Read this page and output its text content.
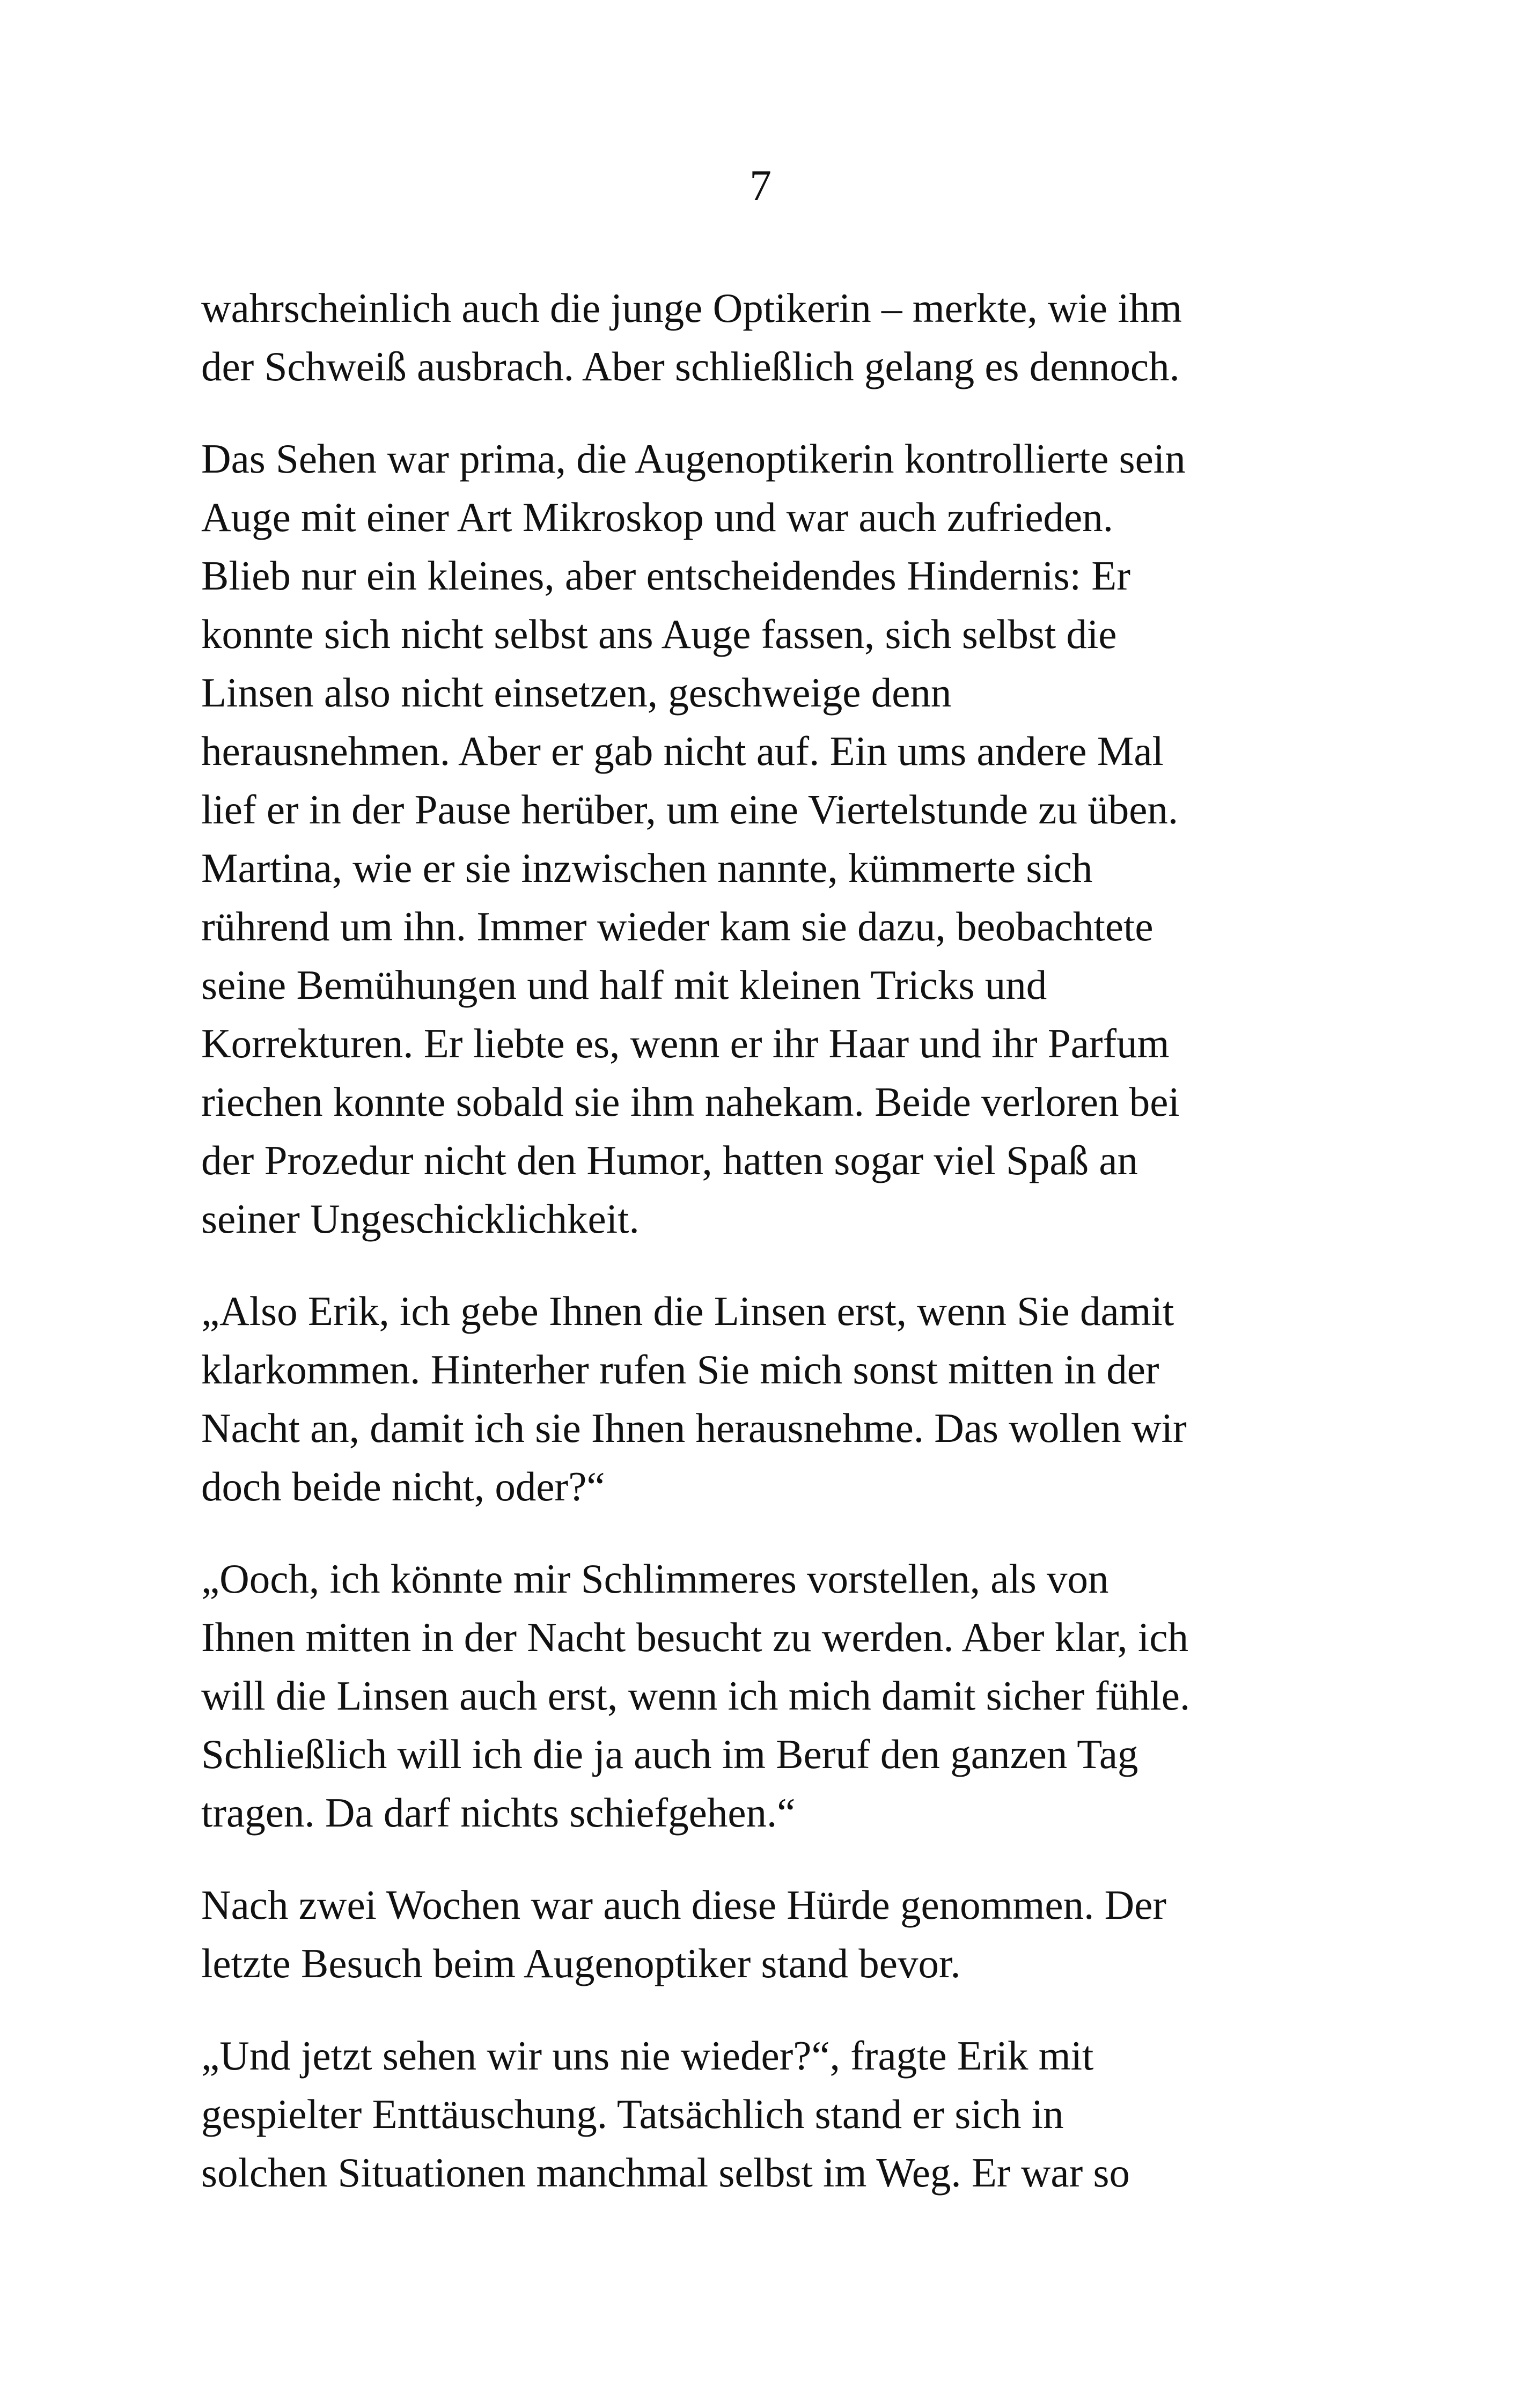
7

wahrscheinlich auch die junge Optikerin – merkte, wie ihm
der Schweiß ausbrach. Aber schließlich gelang es dennoch.

Das Sehen war prima, die Augenoptikerin kontrollierte sein
Auge mit einer Art Mikroskop und war auch zufrieden.
Blieb nur ein kleines, aber entscheidendes Hindernis: Er
konnte sich nicht selbst ans Auge fassen, sich selbst die
Linsen also nicht einsetzen, geschweige denn
herausnehmen. Aber er gab nicht auf. Ein ums andere Mal
lief er in der Pause herüber, um eine Viertelstunde zu üben.
Martina, wie er sie inzwischen nannte, kümmerte sich
rührend um ihn. Immer wieder kam sie dazu, beobachtete
seine Bemühungen und half mit kleinen Tricks und
Korrekturen. Er liebte es, wenn er ihr Haar und ihr Parfum
riechen konnte sobald sie ihm nahekam. Beide verloren bei
der Prozedur nicht den Humor, hatten sogar viel Spaß an
seiner Ungeschicklichkeit.

„Also Erik, ich gebe Ihnen die Linsen erst, wenn Sie damit
klarkommen. Hinterher rufen Sie mich sonst mitten in der
Nacht an, damit ich sie Ihnen herausnehme. Das wollen wir
doch beide nicht, oder?“

„Ooch, ich könnte mir Schlimmeres vorstellen, als von
Ihnen mitten in der Nacht besucht zu werden. Aber klar, ich
will die Linsen auch erst, wenn ich mich damit sicher fühle.
Schließlich will ich die ja auch im Beruf den ganzen Tag
tragen. Da darf nichts schiefgehen.“

Nach zwei Wochen war auch diese Hürde genommen. Der
letzte Besuch beim Augenoptiker stand bevor.

„Und jetzt sehen wir uns nie wieder?“, fragte Erik mit
gespielter Enttäuschung. Tatsächlich stand er sich in
solchen Situationen manchmal selbst im Weg. Er war so
